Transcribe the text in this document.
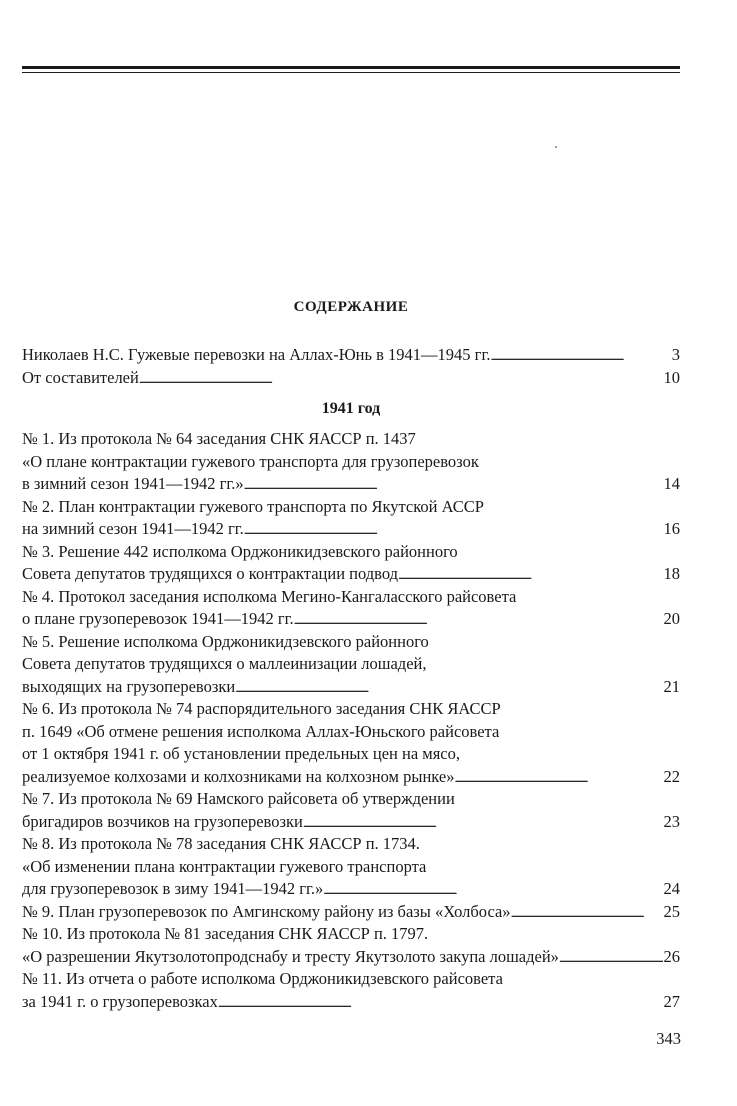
СОДЕРЖАНИЕ
Николаев Н.С. Гужевые перевозки на Аллах-Юнь в 1941—1945 гг. . . .	3
От составителей . . .	10
1941 год
№ 1. Из протокола № 64 заседания СНК ЯАССР п. 1437
«О плане контрактации гужевого транспорта для грузоперевозок
в зимний сезон 1941—1942 гг.» . . .	14
№ 2. План контрактации гужевого транспорта по Якутской АССР
на зимний сезон 1941—1942 гг. . . .	16
№ 3. Решение 442 исполкома Орджоникидзевского районного
Совета депутатов трудящихся о контрактации подвод . . .	18
№ 4. Протокол заседания исполкома Мегино-Кангаласского райсовета
о плане грузоперевозок 1941—1942 гг. . . .	20
№ 5. Решение исполкома Орджоникидзевского районного
Совета депутатов трудящихся о маллеинизации лошадей,
выходящих на грузоперевозки . . .	21
№ 6. Из протокола № 74 распорядительного заседания СНК ЯАССР
п. 1649 «Об отмене решения исполкома Аллах-Юньского райсовета
от 1 октября 1941 г. об установлении предельных цен на мясо,
реализуемое колхозами и колхозниками на колхозном рынке» . . .	22
№ 7. Из протокола № 69 Намского райсовета об утверждении
бригадиров возчиков на грузоперевозки . . .	23
№ 8. Из протокола № 78 заседания СНК ЯАССР п. 1734.
«Об изменении плана контрактации гужевого транспорта
для грузоперевозок в зиму 1941—1942 гг.» . . .	24
№ 9. План грузоперевозок по Амгинскому району из базы «Холбоса» . . .	25
№ 10. Из протокола № 81 заседания СНК ЯАССР п. 1797.
«О разрешении Якутзолотопродснабу и тресту Якутзолото закупа лошадей» . . .	26
№ 11. Из отчета о работе исполкома Орджоникидзевского райсовета
за 1941 г. о грузоперевозках . . .	27
343
